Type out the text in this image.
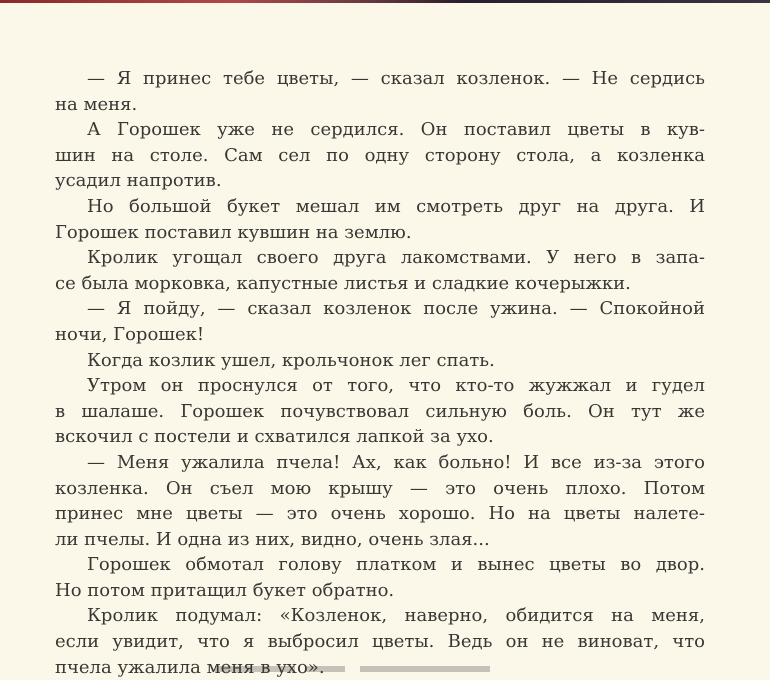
— Я принес тебе цветы, — сказал козленок. — Не сердись
на меня.
А Горошек уже не сердился. Он поставил цветы в кув-
шин на столе. Сам сел по одну сторону стола, а козленка
усадил напротив.
Но большой букет мешал им смотреть друг на друга. И
Горошек поставил кувшин на землю.
Кролик угощал своего друга лакомствами. У него в запа-
се была морковка, капустные листья и сладкие кочерыжки.
— Я пойду, — сказал козленок после ужина. — Спокойной
ночи, Горошек!
Когда козлик ушел, крольчонок лег спать.
Утром он проснулся от того, что кто-то жужжал и гудел
в шалаше. Горошек почувствовал сильную боль. Он тут же
вскочил с постели и схватился лапкой за ухо.
— Меня ужалила пчела! Ах, как больно! И все из-за этого
козленка. Он съел мою крышу — это очень плохо. Потом
принес мне цветы — это очень хорошо. Но на цветы налете-
ли пчелы. И одна из них, видно, очень злая...
Горошек обмотал голову платком и вынес цветы во двор.
Но потом притащил букет обратно.
Кролик подумал: «Козленок, наверно, обидится на меня,
если увидит, что я выбросил цветы. Ведь он не виноват, что
пчела ужалила меня в ухо».
